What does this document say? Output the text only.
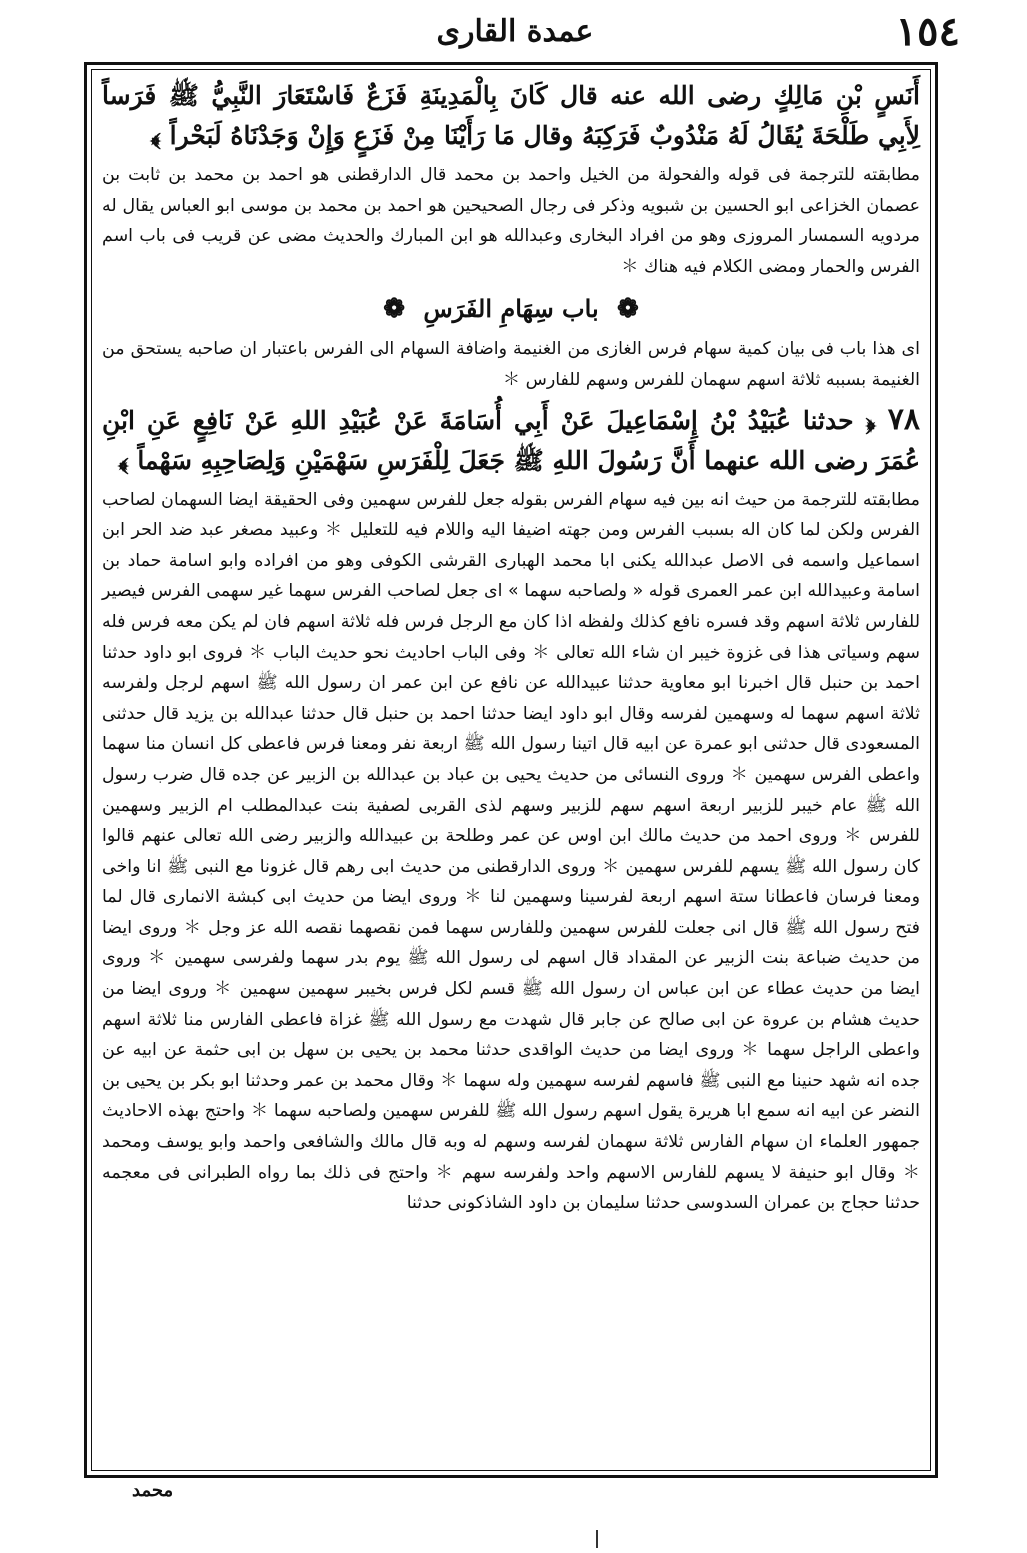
١٥٤
عمدة القاری

أَنَسٍ بْنِ مَالِكٍ رضی الله عنه قال كَانَ بِالْمَدِينَةِ فَزَعٌ فَاسْتَعَارَ النَّبِيُّ ﷺ فَرَساً لِأَبِي طَلْحَةَ يُقَالُ لَهُ مَنْدُوبٌ فَرَكِبَهُ وقال مَا رَأَيْنَا مِنْ فَزَعٍ وَإِنْ وَجَدْنَاهُ لَبَحْراً ﴾

مطابقته للترجمة فی قوله والفحولة من الخیل واحمد بن محمد قال الدارقطنی هو احمد بن محمد بن ثابت بن عصمان الخزاعی ابو الحسین بن شبویه وذکر فی رجال الصحیحین هو احمد بن محمد بن موسی ابو العباس یقال له مردویه السمسار المروزی وهو من افراد البخاری وعبدالله هو ابن المبارك والحدیث مضی عن قریب فی باب اسم الفرس والحمار ومضی الکلام فیه هناك ＊

❁ باب سِهَامِ الفَرَسِ ❁

ای هذا باب فی بیان کمیة سهام فرس الغازی من الغنیمة واضافة السهام الی الفرس باعتبار ان صاحبه یستحق من الغنیمة بسببه ثلاثة اسهم سهمان للفرس وسهم للفارس ＊

٧٨ ﴿ حدثنا عُبَيْدُ بْنُ إِسْمَاعِيلَ عَنْ أَبِي أُسَامَةَ عَنْ عُبَيْدِ اللهِ عَنْ نَافِعٍ عَنِ ابْنِ عُمَرَ رضی الله عنهما أَنَّ رَسُولَ اللهِ ﷺ جَعَلَ لِلْفَرَسِ سَهْمَيْنِ وَلِصَاحِبِهِ سَهْماً ﴾

مطابقته للترجمة من حیث انه بین فیه سهام الفرس بقوله جعل للفرس سهمین وفی الحقیقة ایضا السهمان لصاحب الفرس ولکن لما کان اله بسبب الفرس ومن جهته اضیفا الیه واللام فیه للتعلیل ＊ وعبید مصغر عبد ضد الحر ابن اسماعیل واسمه فی الاصل عبدالله یکنی ابا محمد الهباری القرشی الکوفی وهو من افراده وابو اسامة حماد بن اسامة وعبیدالله ابن عمر العمری قوله « ولصاحبه سهما » ای جعل لصاحب الفرس سهما غیر سهمی الفرس فیصیر للفارس ثلاثة اسهم وقد فسره نافع کذلك ولفظه اذا کان مع الرجل فرس فله ثلاثة اسهم فان لم یکن معه فرس فله سهم وسیاتی هذا فی غزوة خیبر ان شاء الله تعالی ＊ وفی الباب احادیث نحو حدیث الباب ＊ فروی ابو داود حدثنا احمد بن حنبل قال اخبرنا ابو معاویة حدثنا عبیدالله عن نافع عن ابن عمر ان رسول الله ﷺ اسهم لرجل ولفرسه ثلاثة اسهم سهما له وسهمین لفرسه وقال ابو داود ایضا حدثنا احمد بن حنبل قال حدثنا عبدالله بن یزید قال حدثنی المسعودی قال حدثنی ابو عمرة عن ابیه قال اتینا رسول الله ﷺ اربعة نفر ومعنا فرس فاعطی کل انسان منا سهما واعطی الفرس سهمین ＊ وروی النسائی من حدیث یحیی بن عباد بن عبدالله بن الزبیر عن جده قال ضرب رسول الله ﷺ عام خیبر للزبیر اربعة اسهم سهم للزبیر وسهم لذی القربی لصفیة بنت عبدالمطلب ام الزبیر وسهمین للفرس ＊ وروی احمد من حدیث مالك ابن اوس عن عمر وطلحة بن عبیدالله والزبیر رضی الله تعالی عنهم قالوا کان رسول الله ﷺ یسهم للفرس سهمین ＊ وروی الدارقطنی من حدیث ابی رهم قال غزونا مع النبی ﷺ انا واخی ومعنا فرسان فاعطانا ستة اسهم اربعة لفرسینا وسهمین لنا ＊ وروی ایضا من حدیث ابی کبشة الانماری قال لما فتح رسول الله ﷺ قال انی جعلت للفرس سهمین وللفارس سهما فمن نقصهما نقصه الله عز وجل ＊ وروی ایضا من حدیث ضباعة بنت الزبیر عن المقداد قال اسهم لی رسول الله ﷺ یوم بدر سهما ولفرسی سهمین ＊ وروی ایضا من حدیث عطاء عن ابن عباس ان رسول الله ﷺ قسم لکل فرس بخیبر سهمین سهمین ＊ وروی ایضا من حدیث هشام بن عروة عن ابی صالح عن جابر قال شهدت مع رسول الله ﷺ غزاة فاعطی الفارس منا ثلاثة اسهم واعطی الراجل سهما ＊ وروی ایضا من حدیث الواقدی حدثنا محمد بن یحیی بن سهل بن ابی حثمة عن ابیه عن جده انه شهد حنینا مع النبی ﷺ فاسهم لفرسه سهمین وله سهما ＊ وقال محمد بن عمر وحدثنا ابو بکر بن یحیی بن النضر عن ابیه انه سمع ابا هریرة یقول اسهم رسول الله ﷺ للفرس سهمین ولصاحبه سهما ＊ واحتج بهذه الاحادیث جمهور العلماء ان سهام الفارس ثلاثة سهمان لفرسه وسهم له وبه قال مالك والشافعی واحمد وابو یوسف ومحمد ＊ وقال ابو حنیفة لا یسهم للفارس الاسهم واحد ولفرسه سهم ＊ واحتج فی ذلك بما رواه الطبرانی فی معجمه حدثنا حجاج بن عمران السدوسی حدثنا سلیمان بن داود الشاذکونی حدثنا

محمد
